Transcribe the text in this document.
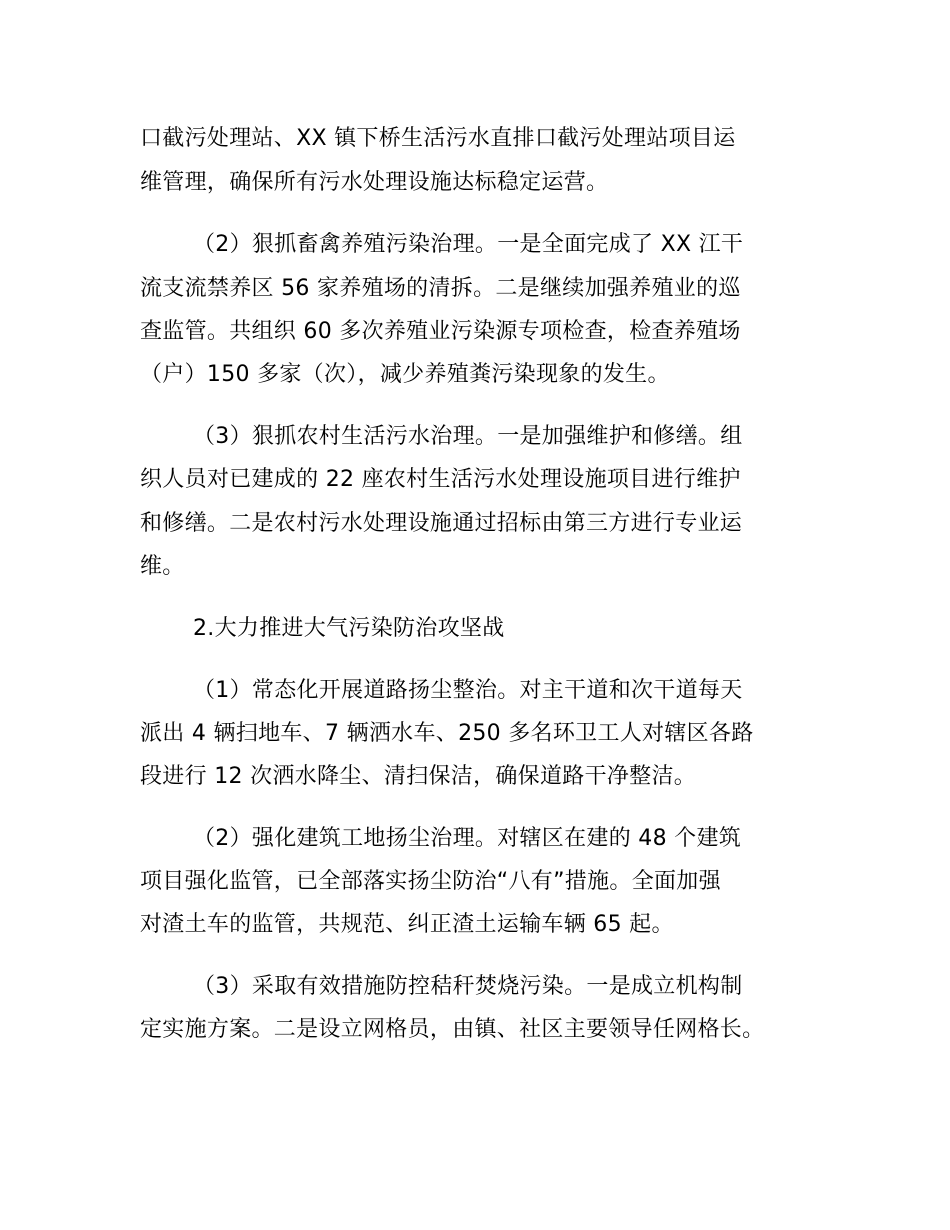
口截污处理站、XX 镇下桥生活污水直排口截污处理站项目运
维管理，确保所有污水处理设施达标稳定运营。
（2）狠抓畜禽养殖污染治理。一是全面完成了 XX 江干
流支流禁养区 56 家养殖场的清拆。二是继续加强养殖业的巡
查监管。共组织 60 多次养殖业污染源专项检查，检查养殖场
（户）150 多家（次），减少养殖粪污染现象的发生。
（3）狠抓农村生活污水治理。一是加强维护和修缮。组
织人员对已建成的 22 座农村生活污水处理设施项目进行维护
和修缮。二是农村污水处理设施通过招标由第三方进行专业运
维。
2.大力推进大气污染防治攻坚战
（1）常态化开展道路扬尘整治。对主干道和次干道每天
派出 4 辆扫地车、7 辆洒水车、250 多名环卫工人对辖区各路
段进行 12 次洒水降尘、清扫保洁，确保道路干净整洁。
（2）强化建筑工地扬尘治理。对辖区在建的 48 个建筑
项目强化监管，已全部落实扬尘防治“八有”措施。全面加强
对渣土车的监管，共规范、纠正渣土运输车辆 65 起。
（3）采取有效措施防控秸秆焚烧污染。一是成立机构制
定实施方案。二是设立网格员，由镇、社区主要领导任网格长。
